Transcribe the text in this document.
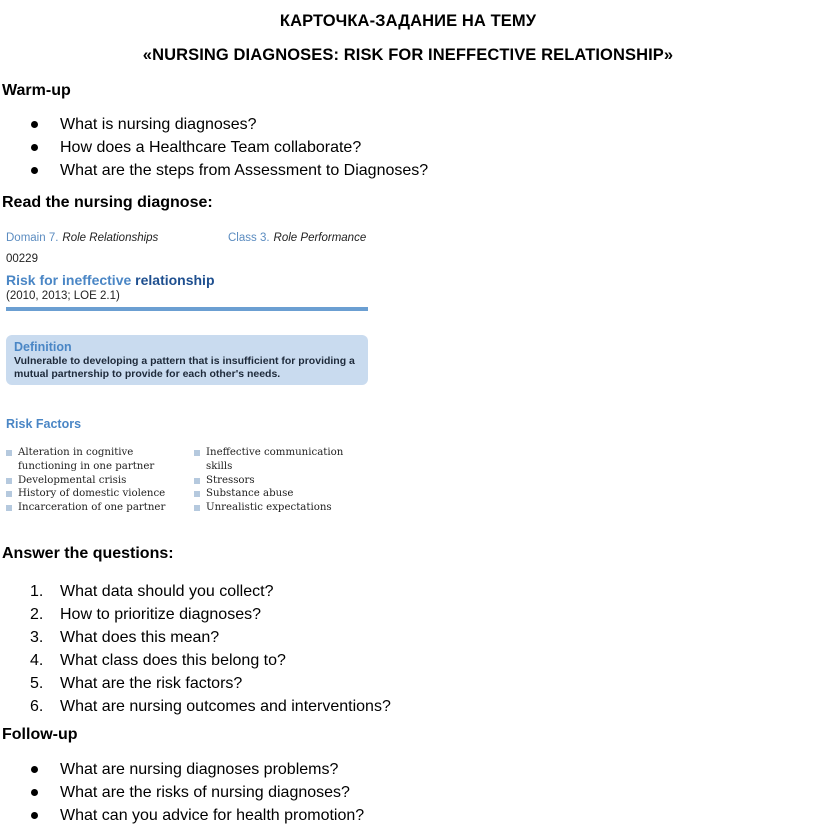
КАРТОЧКА-ЗАДАНИЕ НА ТЕМУ
«NURSING DIAGNOSES: RISK FOR INEFFECTIVE RELATIONSHIP»
Warm-up
What is nursing diagnoses?
How does a Healthcare Team collaborate?
What are the steps from Assessment to Diagnoses?
Read the nursing diagnose:
Domain 7. Role Relationships	Class 3. Role Performance
00229
Risk for ineffective relationship
(2010, 2013; LOE 2.1)
Definition
Vulnerable to developing a pattern that is insufficient for providing a mutual partnership to provide for each other's needs.
Risk Factors
Alteration in cognitive
functioning in one partner
Developmental crisis
History of domestic violence
Incarceration of one partner
Ineffective communication
skills
Stressors
Substance abuse
Unrealistic expectations
Answer the questions:
1. What data should you collect?
2. How to prioritize diagnoses?
3. What does this mean?
4. What class does this belong to?
5. What are the risk factors?
6. What are nursing outcomes and interventions?
Follow-up
What are nursing diagnoses problems?
What are the risks of nursing diagnoses?
What can you advice for health promotion?
